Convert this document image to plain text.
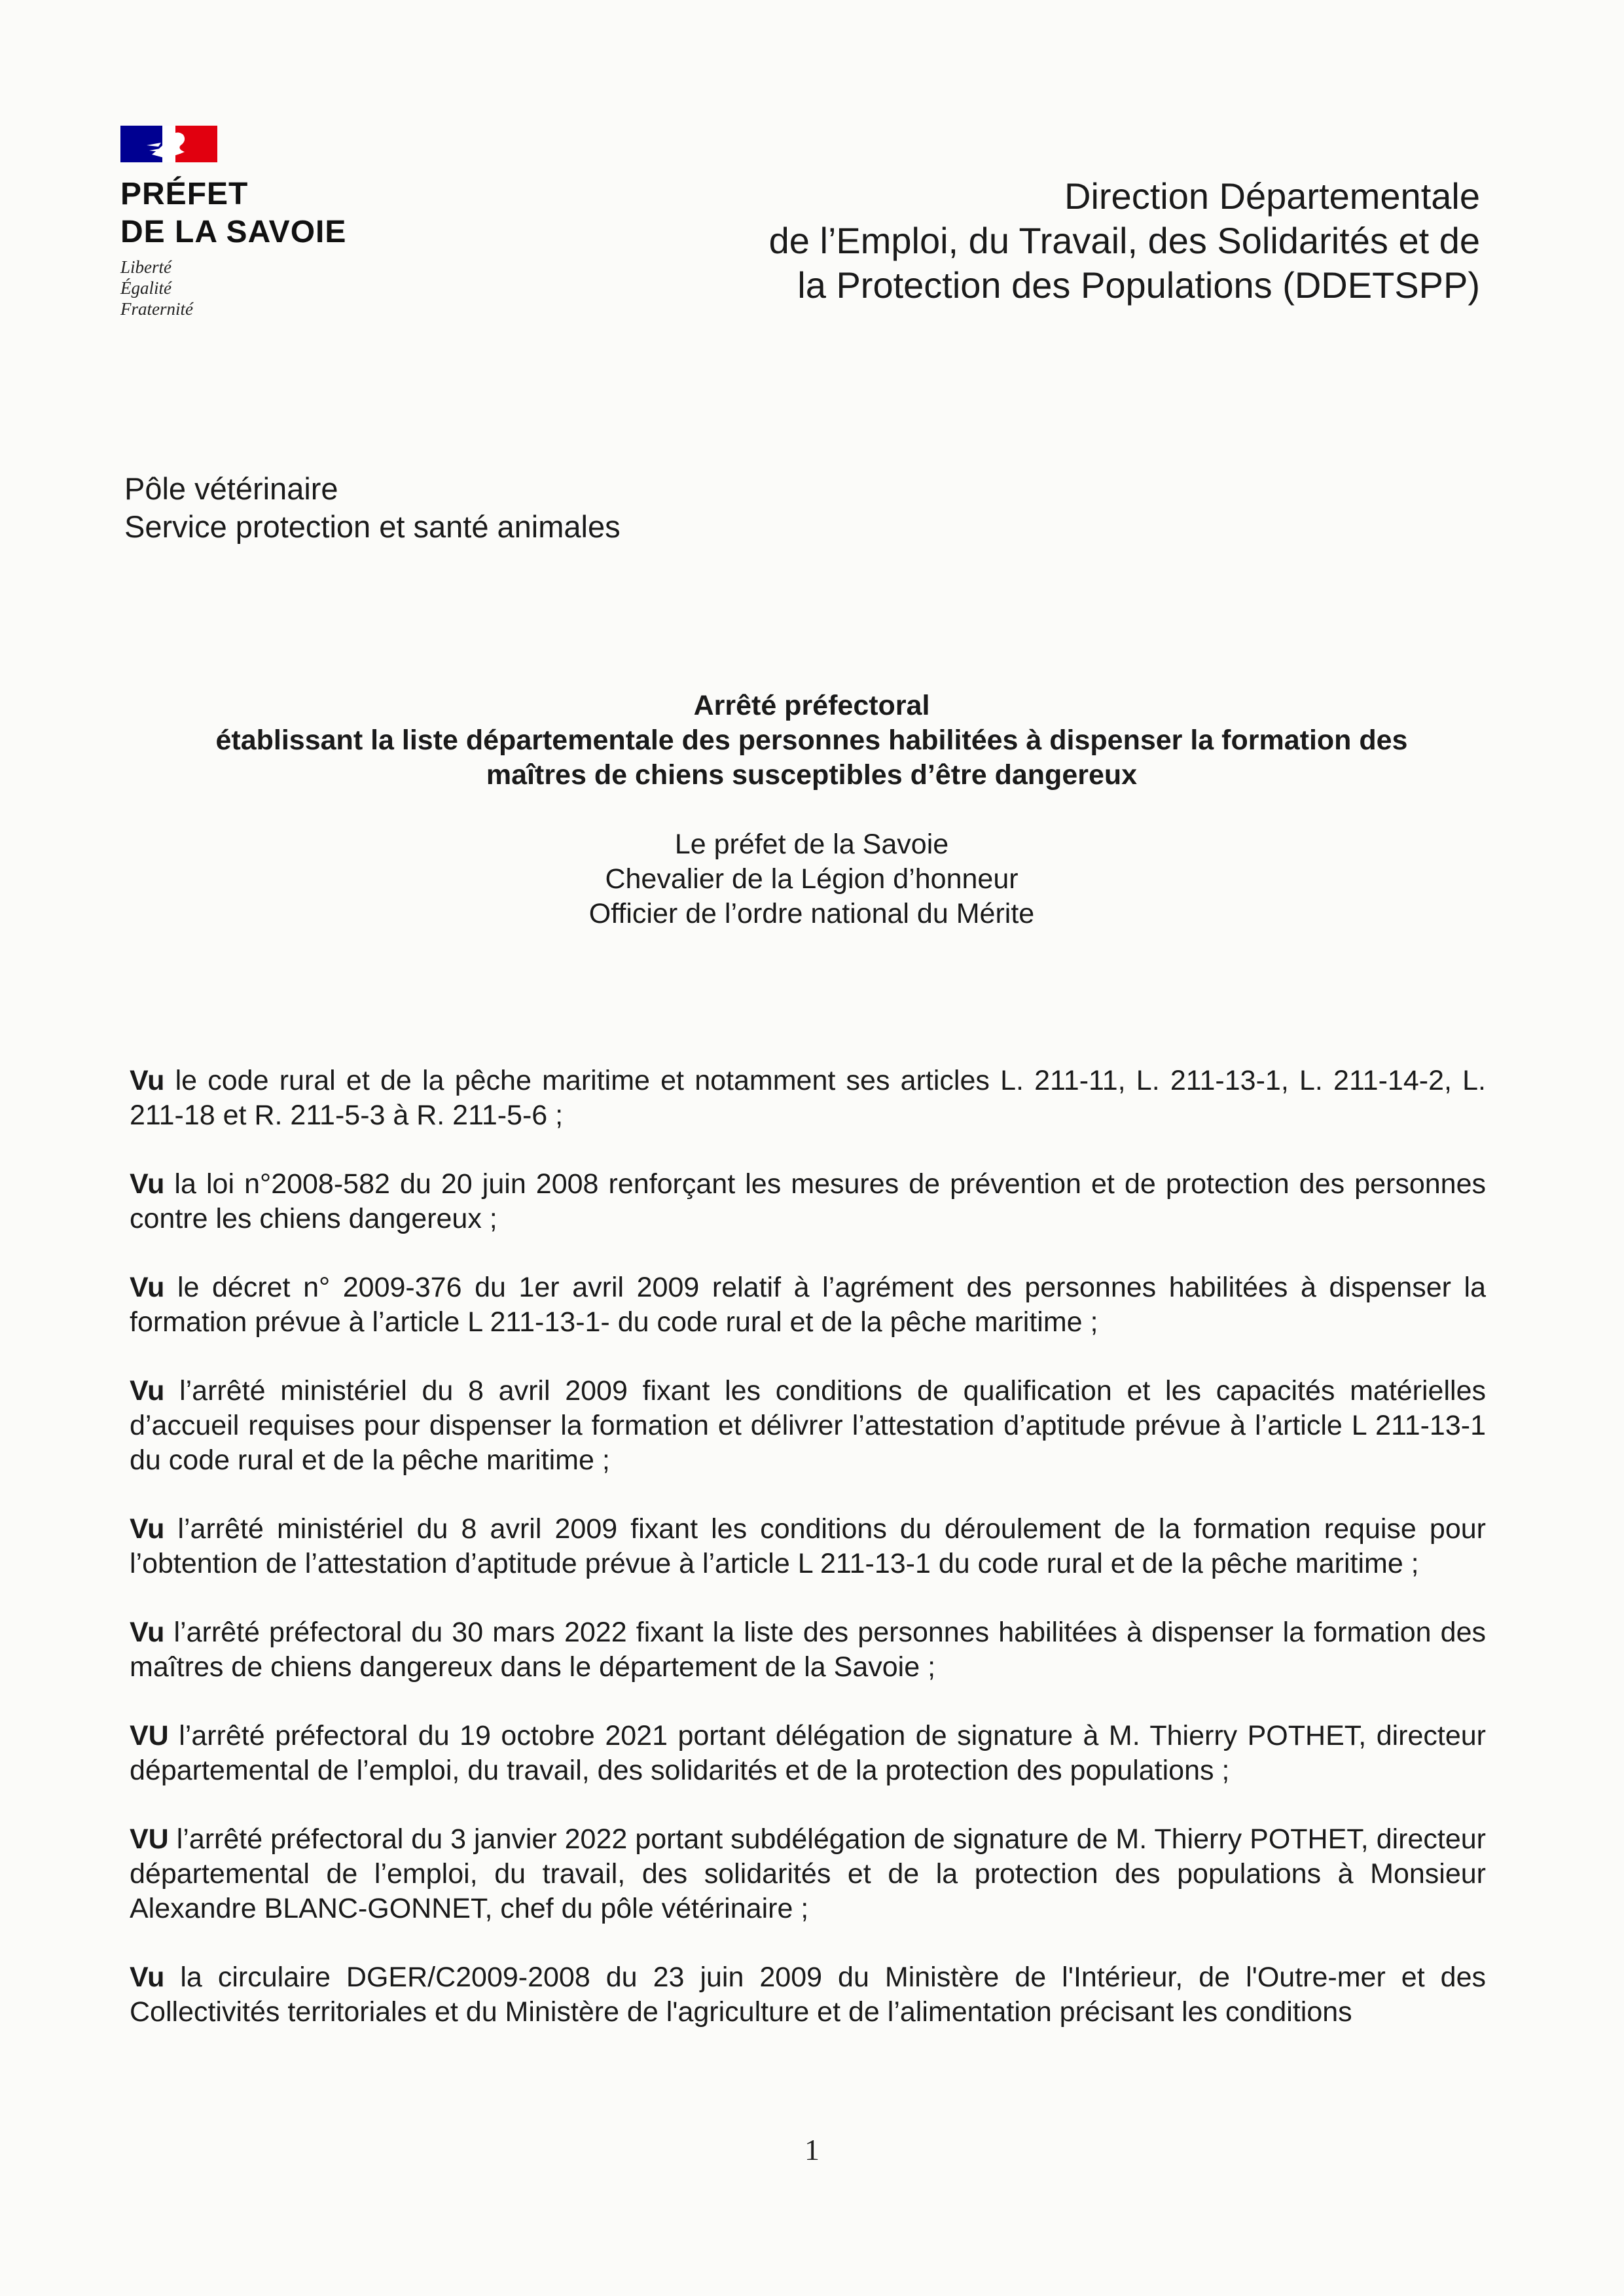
PRÉFET
DE LA SAVOIE
Liberté
Égalité
Fraternité
Direction Départementale
de l’Emploi, du Travail, des Solidarités et de
la Protection des Populations (DDETSPP)
Pôle vétérinaire
Service protection et santé animales
Arrêté préfectoral
établissant la liste départementale des personnes habilitées à dispenser la formation des
maîtres de chiens susceptibles d’être dangereux
Le préfet de la Savoie
Chevalier de la Légion d’honneur
Officier de l’ordre national du Mérite

Vu le code rural et de la pêche maritime et notamment ses articles L. 211-11, L. 211-13-1, L. 211-14-2, L. 211-18 et R. 211-5-3 à R. 211-5-6 ;

Vu la loi n°2008-582 du 20 juin 2008 renforçant les mesures de prévention et de protection des personnes contre les chiens dangereux ;

Vu le décret n° 2009-376 du 1er avril 2009 relatif à l’agrément des personnes habilitées à dispenser la formation prévue à l’article L 211-13-1- du code rural et de la pêche maritime ;

Vu l’arrêté ministériel du 8 avril 2009 fixant les conditions de qualification et les capacités matérielles d’accueil requises pour dispenser la formation et délivrer l’attestation d’aptitude prévue à l’article L 211-13-1 du code rural et de la pêche maritime ;

Vu l’arrêté ministériel du 8 avril 2009 fixant les conditions du déroulement de la formation requise pour l’obtention de l’attestation d’aptitude prévue à l’article L 211-13-1 du code rural et de la pêche maritime ;

Vu l’arrêté préfectoral du 30 mars 2022 fixant la liste des personnes habilitées à dispenser la formation des maîtres de chiens dangereux dans le département de la Savoie ;

VU l’arrêté préfectoral du 19 octobre 2021 portant délégation de signature à M. Thierry POTHET, directeur départemental de l’emploi, du travail, des solidarités et de la protection des populations ;

VU l’arrêté préfectoral du 3 janvier 2022 portant subdélégation de signature de M. Thierry POTHET, directeur départemental de l’emploi, du travail, des solidarités et de la protection des populations à Monsieur Alexandre BLANC-GONNET, chef du pôle vétérinaire ;

Vu la circulaire DGER/C2009-2008 du 23 juin 2009 du Ministère de l'Intérieur, de l'Outre-mer et des Collectivités territoriales et du Ministère de l'agriculture et de l’alimentation précisant les conditions

1
